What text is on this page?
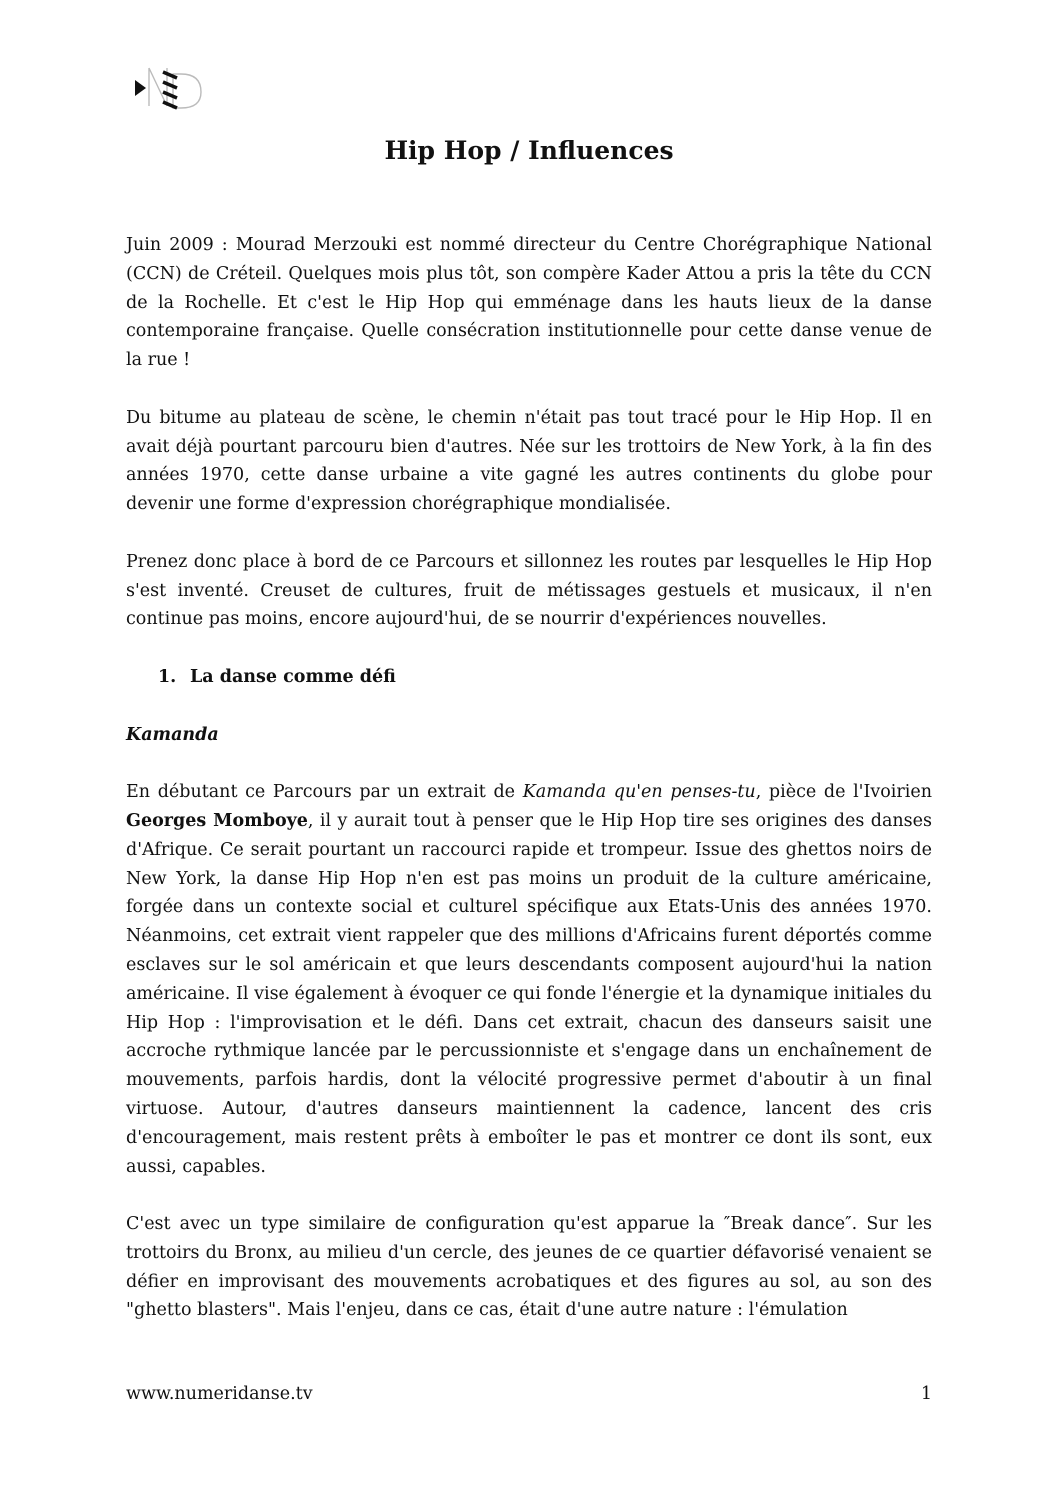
Hip Hop / Influences

Juin 2009 : Mourad Merzouki est nommé directeur du Centre Chorégraphique National (CCN) de Créteil. Quelques mois plus tôt, son compère Kader Attou a pris la tête du CCN de la Rochelle. Et c'est le Hip Hop qui emménage dans les hauts lieux de la danse contemporaine française. Quelle consécration institutionnelle pour cette danse venue de la rue !

Du bitume au plateau de scène, le chemin n'était pas tout tracé pour le Hip Hop. Il en avait déjà pourtant parcouru bien d'autres. Née sur les trottoirs de New York, à la fin des années 1970, cette danse urbaine a vite gagné les autres continents du globe pour devenir une forme d'expression chorégraphique mondialisée.

Prenez donc place à bord de ce Parcours et sillonnez les routes par lesquelles le Hip Hop s'est inventé. Creuset de cultures, fruit de métissages gestuels et musicaux, il n'en continue pas moins, encore aujourd'hui, de se nourrir d'expériences nouvelles.

1. La danse comme défi
Kamanda

En débutant ce Parcours par un extrait de Kamanda qu'en penses-tu, pièce de l'Ivoirien Georges Momboye, il y aurait tout à penser que le Hip Hop tire ses origines des danses d'Afrique. Ce serait pourtant un raccourci rapide et trompeur. Issue des ghettos noirs de New York, la danse Hip Hop n'en est pas moins un produit de la culture américaine, forgée dans un contexte social et culturel spécifique aux Etats-Unis des années 1970. Néanmoins, cet extrait vient rappeler que des millions d'Africains furent déportés comme esclaves sur le sol américain et que leurs descendants composent aujourd'hui la nation américaine. Il vise également à évoquer ce qui fonde l'énergie et la dynamique initiales du Hip Hop : l'improvisation et le défi. Dans cet extrait, chacun des danseurs saisit une accroche rythmique lancée par le percussionniste et s'engage dans un enchaînement de mouvements, parfois hardis, dont la vélocité progressive permet d'aboutir à un final virtuose. Autour, d'autres danseurs maintiennent la cadence, lancent des cris d'encouragement, mais restent prêts à emboîter le pas et montrer ce dont ils sont, eux aussi, capables.

C'est avec un type similaire de configuration qu'est apparue la ″Break dance″. Sur les trottoirs du Bronx, au milieu d'un cercle, des jeunes de ce quartier défavorisé venaient se défier en improvisant des mouvements acrobatiques et des figures au sol, au son des "ghetto blasters". Mais l'enjeu, dans ce cas, était d'une autre nature : l'émulation

www.numeridanse.tv	1
